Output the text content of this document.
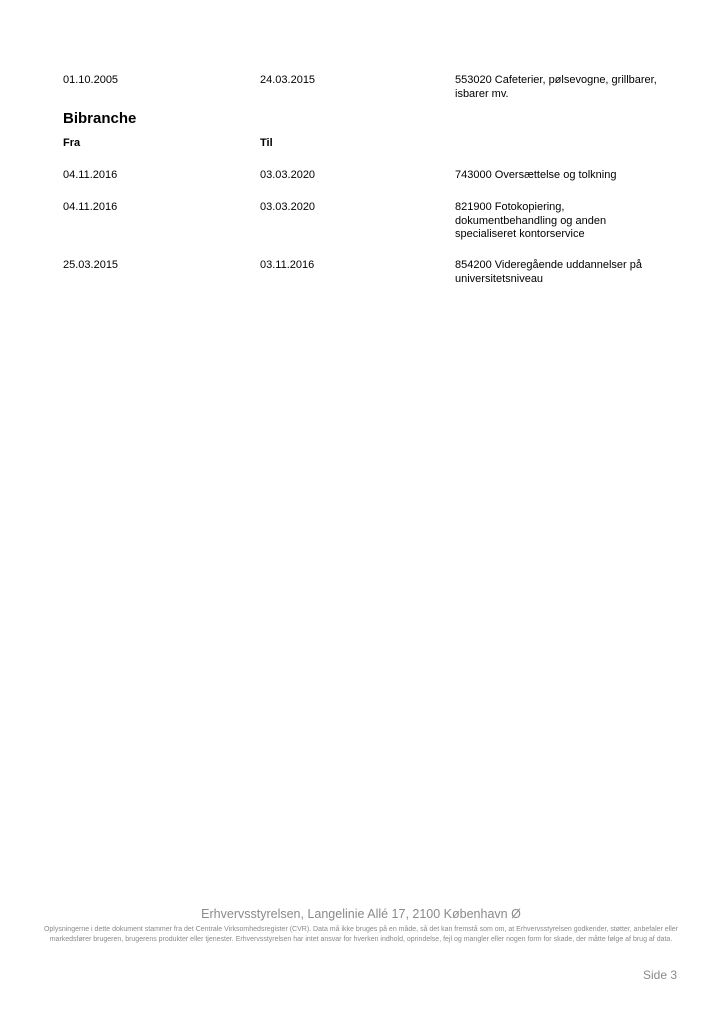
01.10.2005	24.03.2015	553020 Cafeterier, pølsevogne, grillbarer, isbarer mv.
Bibranche
Fra	Til
04.11.2016	03.03.2020	743000 Oversættelse og tolkning
04.11.2016	03.03.2020	821900 Fotokopiering, dokumentbehandling og anden specialiseret kontorservice
25.03.2015	03.11.2016	854200 Videregående uddannelser på universitetsniveau
Erhvervsstyrelsen, Langelinie Allé 17, 2100 København Ø
Oplysningerne i dette dokument stammer fra det Centrale Virksomhedsregister (CVR). Data må ikke bruges på en måde, så det kan fremstå som om, at Erhvervsstyrelsen godkender, støtter, anbefaler eller markedsfører brugeren, brugerens produkter eller tjenester. Erhvervsstyrelsen har intet ansvar for hverken indhold, oprindelse, fejl og mangler eller nogen form for skade, der måtte følge af brug af data.
Side 3
